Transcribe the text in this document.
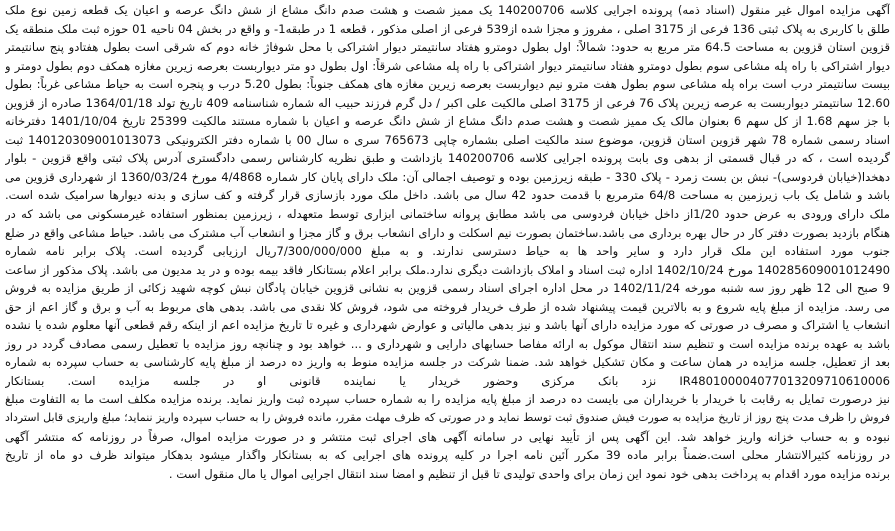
آگهی مزایده اموال غیر منقول (اسناد ذمه) پرونده اجرایی کلاسه 140200706 یک ممیز شصت و هشت صدم دانگ مشاع از شش دانگ عرصه و اعیان یک قطعه زمین نوع ملک
طلق با کاربری به پلاک ثبتی 136 فرعی از 3175 اصلی ، مفروز و مجزا شده از539 فرعی از اصلی مذکور ، قطعه 1 در طبقه1- و واقع در بخش 04 ناحیه 01 حوزه ثبت ملک منطقه یک
قزوین استان قزوین به مساحت 64.5 متر مربع به حدود: شمالاً: اول بطول دومترو هفتاد سانتیمتر دیوار اشتراکی با محل شوفاژ خانه دوم که شرقی است بطول هفتادو پنج سانتیمتر
دیوار اشتراکی با راه پله مشاعی سوم بطول دومترو هفتاد سانتیمتر دیوار اشتراکی با راه پله مشاعی شرقاً: اول بطول دو متر دیواربست بعرصه زیرین مغازه همکف دوم بطول دومتر و
بیست سانتیمتر درب است براه پله مشاعی سوم بطول هفت مترو نیم دیواربست بعرصه زیرین مغازه های همکف جنوباً: بطول 5.20 درب و پنجره است به حیاط مشاعی غرباً: بطول
12.60 سانتیمتر دیواربست به عرصه زیرین پلاک 76 فرعی از 3175 اصلی مالکیت علی اکبر / دل گرم فرزند حبیب اله شماره شناسنامه 409 تاریخ تولد 1364/01/18 صادره از قزوین
با جز سهم 1.68 از کل سهم 6 بعنوان مالک یک ممیز شصت و هشت صدم دانگ مشاع از شش دانگ عرصه و اعیان با شماره مستند مالکیت 25399 تاریخ 1401/10/04 دفترخانه
اسناد رسمی شماره 78 شهر قزوین استان قزوین، موضوع سند مالکیت اصلی بشماره چاپی 765673 سری ه سال 00 با شماره دفتر الکترونیکی 140120309001013073 ثبت
گردیده است ، که در قبال قسمتی از بدهی وی بابت پرونده اجرایی کلاسه 140200706 بازداشت و طبق نظریه کارشناس رسمی دادگستری آدرس پلاک ثبتی واقع قزوین - بلوار
دهخدا(خیابان فردوسی)- نبش بن بست زمرد - پلاک 330 - طبقه زیرزمین بوده و توصیف اجمالی آن: ملک دارای پایان کار شماره 4/4868 مورخ 1360/03/24 از شهرداری قزوین می
باشد و شامل یک باب زیرزمین به مساحت 64/8 مترمربع با قدمت حدود 42 سال می باشد. داخل ملک مورد بازسازی قرار گرفته و کف سازی و بدنه دیوارها سرامیک شده است.
ملک دارای ورودی به عرض حدود 1/20از داخل خیابان فردوسی می باشد مطابق پروانه ساختمانی ابزاری توسط متعهدله ، زیرزمین بمنظور استفاده غیرمسکونی می باشد که در
هنگام بازدید بصورت دفتر کار در حال بهره برداری می باشد.ساختمان بصورت نیم اسکلت و دارای انشعاب برق و گاز مجزا و انشعاب آب مشترک می باشد. حیاط مشاعی واقع در ضلع
جنوب مورد استفاده این ملک قرار دارد و سایر واحد ها به حیاط دسترسی ندارند. و به مبلغ 7/300/000/000ریال ارزیابی گردیده است. پلاک برابر نامه شماره
140285609001012490 مورخ 1402/10/24 اداره ثبت اسناد و املاک بازداشت دیگری ندارد.ملک برابر اعلام بستانکار فاقد بیمه بوده و در ید مدیون می باشد. پلاک مذکور از ساعت
9 صبح الی 12 ظهر روز سه شنبه مورخه 1402/11/24 در محل اداره اجرای اسناد رسمی قزوین به نشانی قزوین خیابان پادگان نبش کوچه شهید زکائی از طریق مزایده به فروش
می رسد. مزایده از مبلغ پایه شروع و به بالاترین قیمت پیشنهاد شده از طرف خریدار فروخته می شود، فروش کلا نقدی می باشد. بدهی های مربوط به آب و برق و گاز اعم از حق
انشعاب یا اشتراک و مصرف در صورتی که مورد مزایده دارای آنها باشد و نیز بدهی مالیاتی و عوارض شهرداری و غیره تا تاریخ مزایده اعم از اینکه رقم قطعی آنها معلوم شده یا نشده
باشد به عهده برنده مزایده است و تنظیم سند انتقال موکول به ارائه مفاصا حسابهای دارایی و شهرداری و ... خواهد بود و چنانچه روز مزایده با تعطیل رسمی مصادف گردد در روز
بعد از تعطیل، جلسه مزایده در همان ساعت و مکان تشکیل خواهد شد. ضمنا شرکت در جلسه مزایده منوط به واریز ده درصد از مبلغ پایه کارشناسی به حساب سپرده به شماره
IR480100004077013209710610006 نزد بانک مرکزی وحضور خریدار یا نماینده قانونی او در جلسه مزایده است. بستانکار
نیز درصورت تمایل به رقابت با خریدار با خریداران می بایست ده درصد از مبلغ پایه مزایده را به شماره حساب سپرده ثبت واریز نماید. برنده مزایده مکلف است ما به التفاوت مبلغ
فروش را ظرف مدت پنج روز از تاریخ مزایده به صورت فیش صندوق ثبت توسط نماید و در صورتی که ظرف مهلت مقرر، مانده فروش را به حساب سپرده واریز ننماید؛ مبلغ واریزی قابل استرداد
نبوده و به حساب خزانه واریز خواهد شد. این آگهی پس از تأیید نهایی در سامانه آگهی های اجرای ثبت منتشر و در صورت مزایده اموال، صرفاً در روزنامه که منتشر آگهی
در روزنامه کثیرالانتشار محلی است.ضمناً برابر ماده 39 مکرر آئین نامه اجرا در کلیه پرونده های اجرایی که به بستانکار واگذار میشود بدهکار میتواند ظرف دو ماه از تاریخ
برنده مزایده مورد اقدام به پرداخت بدهی خود نمود این زمان برای واحدی تولیدی تا قبل از تنظیم و امضا سند انتقال اجرایی اموال یا مال منقول است .
